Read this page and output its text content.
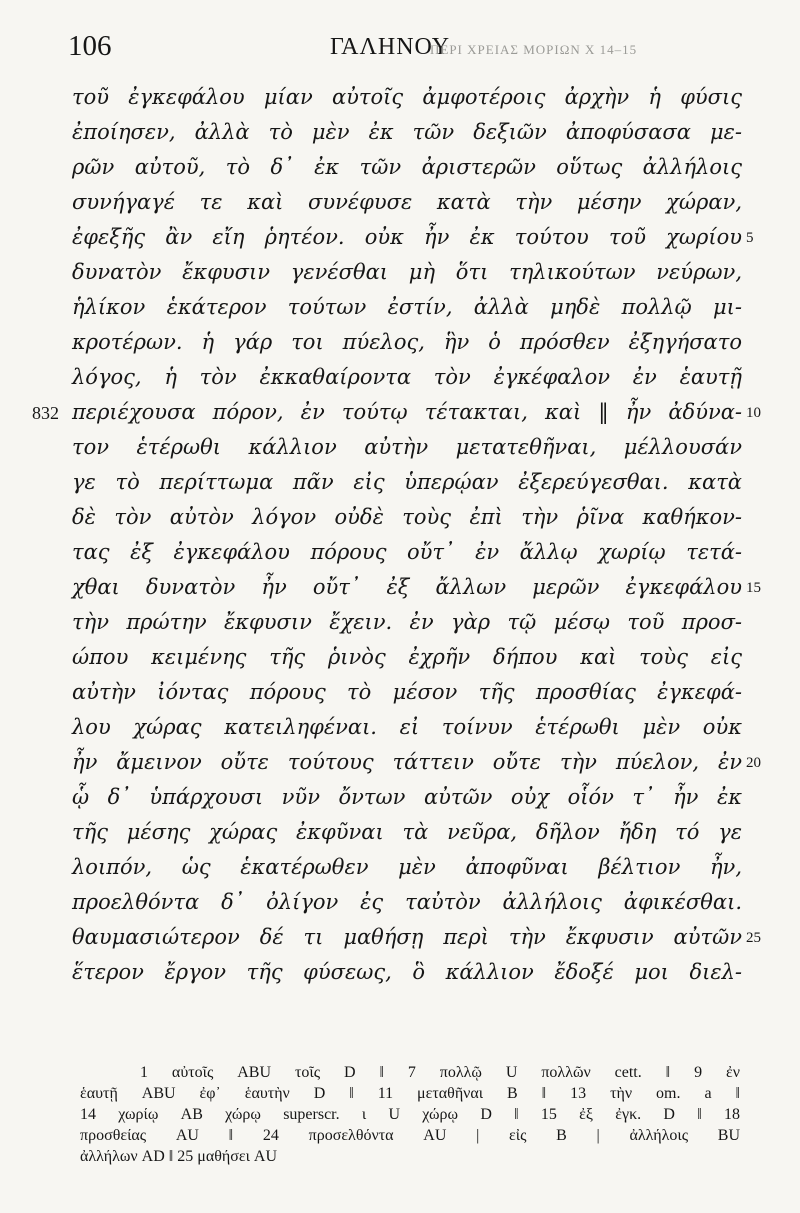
106	ΓΑΛΗΝΟΥ
ΠΕΡΙ ΧΡΕΙΑΣ ΜΟΡΙΩΝ Χ 14–15
τοῦ ἐγκεφάλου μίαν αὐτοῖς ἀμφοτέροις ἀρχὴν ἡ φύσις
ἐποίησεν, ἀλλὰ τὸ μὲν ἐκ τῶν δεξιῶν ἀποφύσασα με-
ρῶν αὐτοῦ, τὸ δ᾽ ἐκ τῶν ἀριστερῶν οὕτως ἀλλήλοις
συνήγαγέ τε καὶ συνέφυσε κατὰ τὴν μέσην χώραν,
ἐφεξῆς ἂν εἴη ῥητέον. οὐκ ἦν ἐκ τούτου τοῦ χωρίου 5
δυνατὸν ἔκφυσιν γενέσθαι μὴ ὅτι τηλικούτων νεύρων,
ἡλίκον ἑκάτερον τούτων ἐστίν, ἀλλὰ μηδὲ πολλῷ μι-
κροτέρων. ἡ γάρ τοι πύελος, ἣν ὁ πρόσθεν ἐξηγήσατο
λόγος, ἡ τὸν ἐκκαθαίροντα τὸν ἐγκέφαλον ἐν ἑαυτῇ
περιέχουσα πόρον, ἐν τούτῳ τέτακται, καὶ ‖ ἦν ἀδύνα-
832	10
τον ἑτέρωθι κάλλιον αὐτὴν μετατεθῆναι, μέλλουσάν
γε τὸ περίττωμα πᾶν εἰς ὑπερῴαν ἐξερεύγεσθαι. κατὰ
δὲ τὸν αὐτὸν λόγον οὐδὲ τοὺς ἐπὶ τὴν ῥῖνα καθήκον-
τας ἐξ ἐγκεφάλου πόρους οὔτ᾽ ἐν ἄλλῳ χωρίῳ τετά-
χθαι δυνατὸν ἦν οὔτ᾽ ἐξ ἄλλων μερῶν ἐγκεφάλου 15
τὴν πρώτην ἔκφυσιν ἔχειν. ἐν γὰρ τῷ μέσῳ τοῦ προσ-
ώπου κειμένης τῆς ῥινὸς ἐχρῆν δήπου καὶ τοὺς εἰς
αὐτὴν ἰόντας πόρους τὸ μέσον τῆς προσθίας ἐγκεφά-
λου χώρας κατειληφέναι. εἰ τοίνυν ἑτέρωθι μὲν οὐκ
ἦν ἄμεινον οὔτε τούτους τάττειν οὔτε τὴν πύελον, ἐν 20
ᾧ δ᾽ ὑπάρχουσι νῦν ὄντων αὐτῶν οὐχ οἷόν τ᾽ ἦν ἐκ
τῆς μέσης χώρας ἐκφῦναι τὰ νεῦρα, δῆλον ἤδη τό γε
λοιπόν, ὡς ἑκατέρωθεν μὲν ἀποφῦναι βέλτιον ἦν,
προελθόντα δ᾽ ὀλίγον ἐς ταὐτὸν ἀλλήλοις ἀφικέσθαι.
θαυμασιώτερον δέ τι μαθήσῃ περὶ τὴν ἔκφυσιν αὐτῶν 25
ἕτερον ἔργον τῆς φύσεως, ὃ κάλλιον ἔδοξέ μοι διελ-
1 αὐτοῖς ABU τοῖς D ‖ 7 πολλῷ U πολλῶν cett. ‖ 9 ἐν
ἑαυτῇ ABU ἐφ᾽ ἑαυτὴν D ‖ 11 μεταθῆναι B ‖ 13 τὴν om. a ‖
14 χωρίῳ AB χώρῳ superscr. ι U χώρῳ D ‖ 15 ἐξ ἐγκ. D ‖ 18
προσθείας AU ‖ 24 προσελθόντα AU | εἰς B | ἀλλήλοις BU
ἀλλήλων AD ‖ 25 μαθήσει AU
